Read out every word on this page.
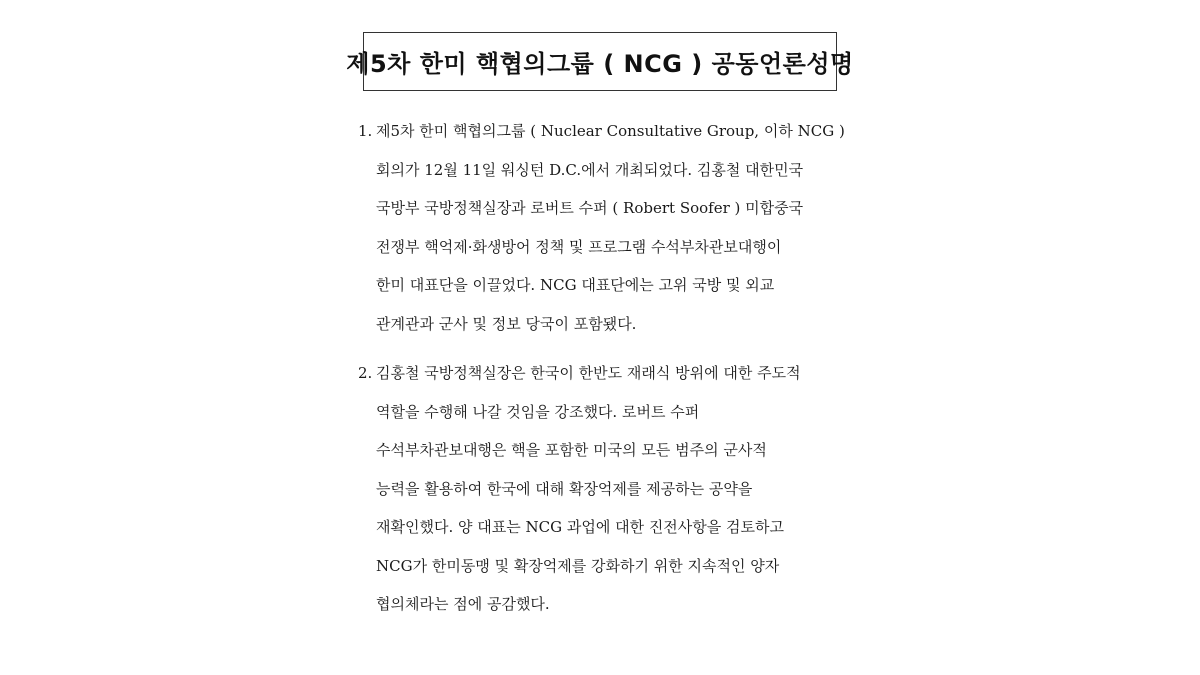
제5차 한미 핵협의그룹 ( NCG ) 공동언론성명
1. 제5차 한미 핵협의그룹 ( Nuclear Consultative Group, 이하 NCG )
회의가 12월 11일 워싱턴 D.C.에서 개최되었다. 김홍철 대한민국
국방부 국방정책실장과 로버트 수퍼 ( Robert Soofer ) 미합중국
전쟁부 핵억제·화생방어 정책 및 프로그램 수석부차관보대행이
한미 대표단을 이끌었다. NCG 대표단에는 고위 국방 및 외교
관계관과 군사 및 정보 당국이 포함됐다.
2. 김홍철 국방정책실장은 한국이 한반도 재래식 방위에 대한 주도적
역할을 수행해 나갈 것임을 강조했다. 로버트 수퍼
수석부차관보대행은 핵을 포함한 미국의 모든 범주의 군사적
능력을 활용하여 한국에 대해 확장억제를 제공하는 공약을
재확인했다. 양 대표는 NCG 과업에 대한 진전사항을 검토하고
NCG가 한미동맹 및 확장억제를 강화하기 위한 지속적인 양자
협의체라는 점에 공감했다.
